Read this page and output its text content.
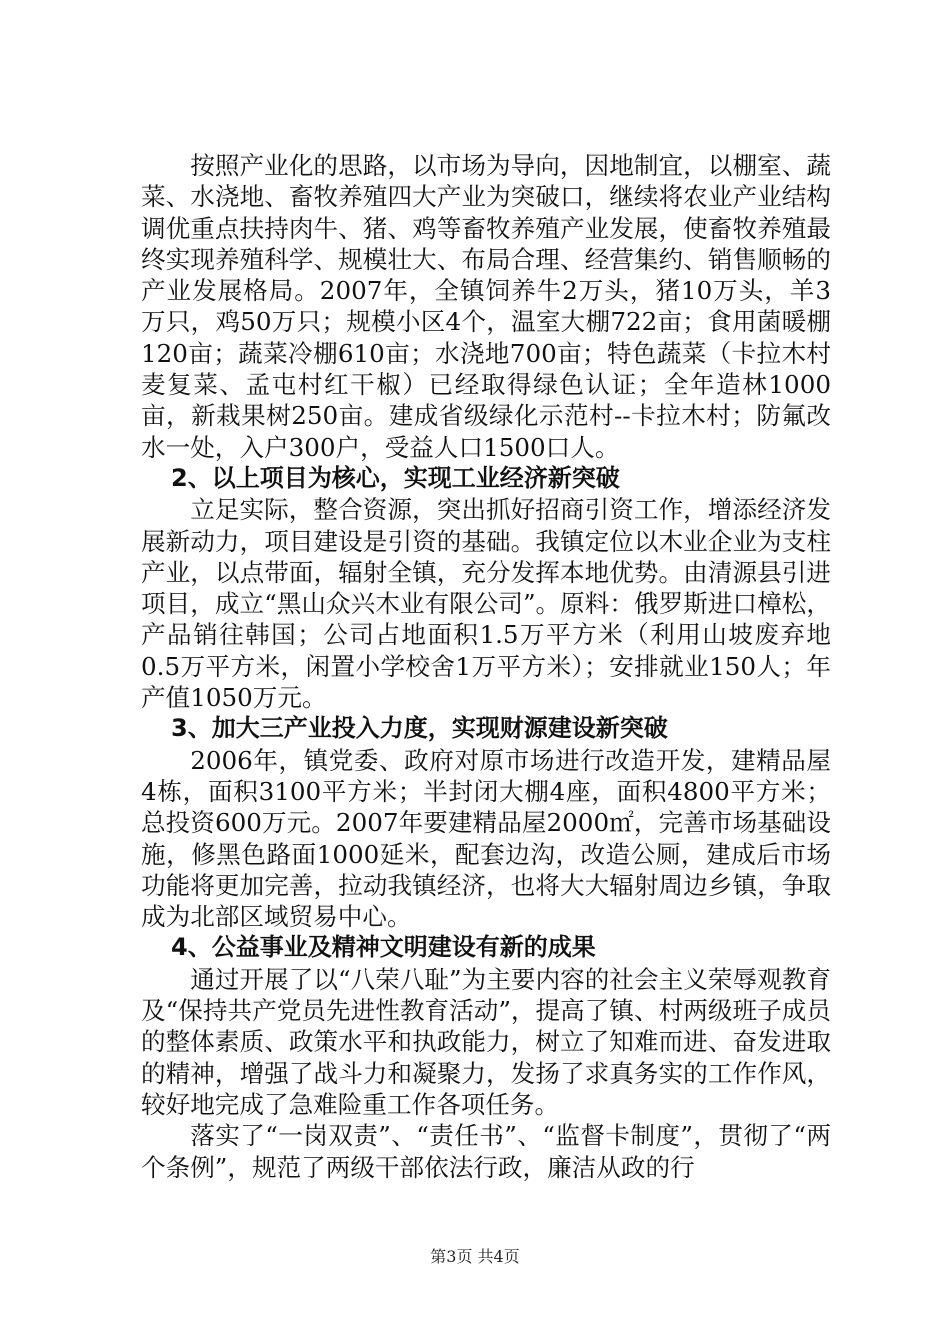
按照产业化的思路，以市场为导向，因地制宜，以棚室、蔬菜、水浇地、畜牧养殖四大产业为突破口，继续将农业产业结构调优重点扶持肉牛、猪、鸡等畜牧养殖产业发展，使畜牧养殖最终实现养殖科学、规模壮大、布局合理、经营集约、销售顺畅的产业发展格局。2007年，全镇饲养牛2万头，猪10万头，羊3万只，鸡50万只；规模小区4个，温室大棚722亩；食用菌暖棚120亩；蔬菜冷棚610亩；水浇地700亩；特色蔬菜（卡拉木村麦复菜、孟屯村红干椒）已经取得绿色认证；全年造林1000亩，新栽果树250亩。建成省级绿化示范村--卡拉木村；防氟改水一处，入户300户，受益人口1500口人。

2、以上项目为核心，实现工业经济新突破

立足实际，整合资源，突出抓好招商引资工作，增添经济发展新动力，项目建设是引资的基础。我镇定位以木业企业为支柱产业，以点带面，辐射全镇，充分发挥本地优势。由清源县引进项目，成立“黑山众兴木业有限公司”。原料：俄罗斯进口樟松，产品销往韩国；公司占地面积1.5万平方米（利用山坡废弃地0.5万平方米，闲置小学校舍1万平方米）；安排就业150人；年产值1050万元。

3、加大三产业投入力度，实现财源建设新突破

2006年，镇党委、政府对原市场进行改造开发，建精品屋4栋，面积3100平方米；半封闭大棚4座，面积4800平方米；总投资600万元。2007年要建精品屋2000㎡，完善市场基础设施，修黑色路面1000延米，配套边沟，改造公厕，建成后市场功能将更加完善，拉动我镇经济，也将大大辐射周边乡镇，争取成为北部区域贸易中心。

4、公益事业及精神文明建设有新的成果

通过开展了以“八荣八耻”为主要内容的社会主义荣辱观教育及“保持共产党员先进性教育活动”，提高了镇、村两级班子成员的整体素质、政策水平和执政能力，树立了知难而进、奋发进取的精神，增强了战斗力和凝聚力，发扬了求真务实的工作作风，较好地完成了急难险重工作各项任务。

落实了“一岗双责”、“责任书”、“监督卡制度”，贯彻了“两个条例”，规范了两级干部依法行政，廉洁从政的行

第3页 共4页
